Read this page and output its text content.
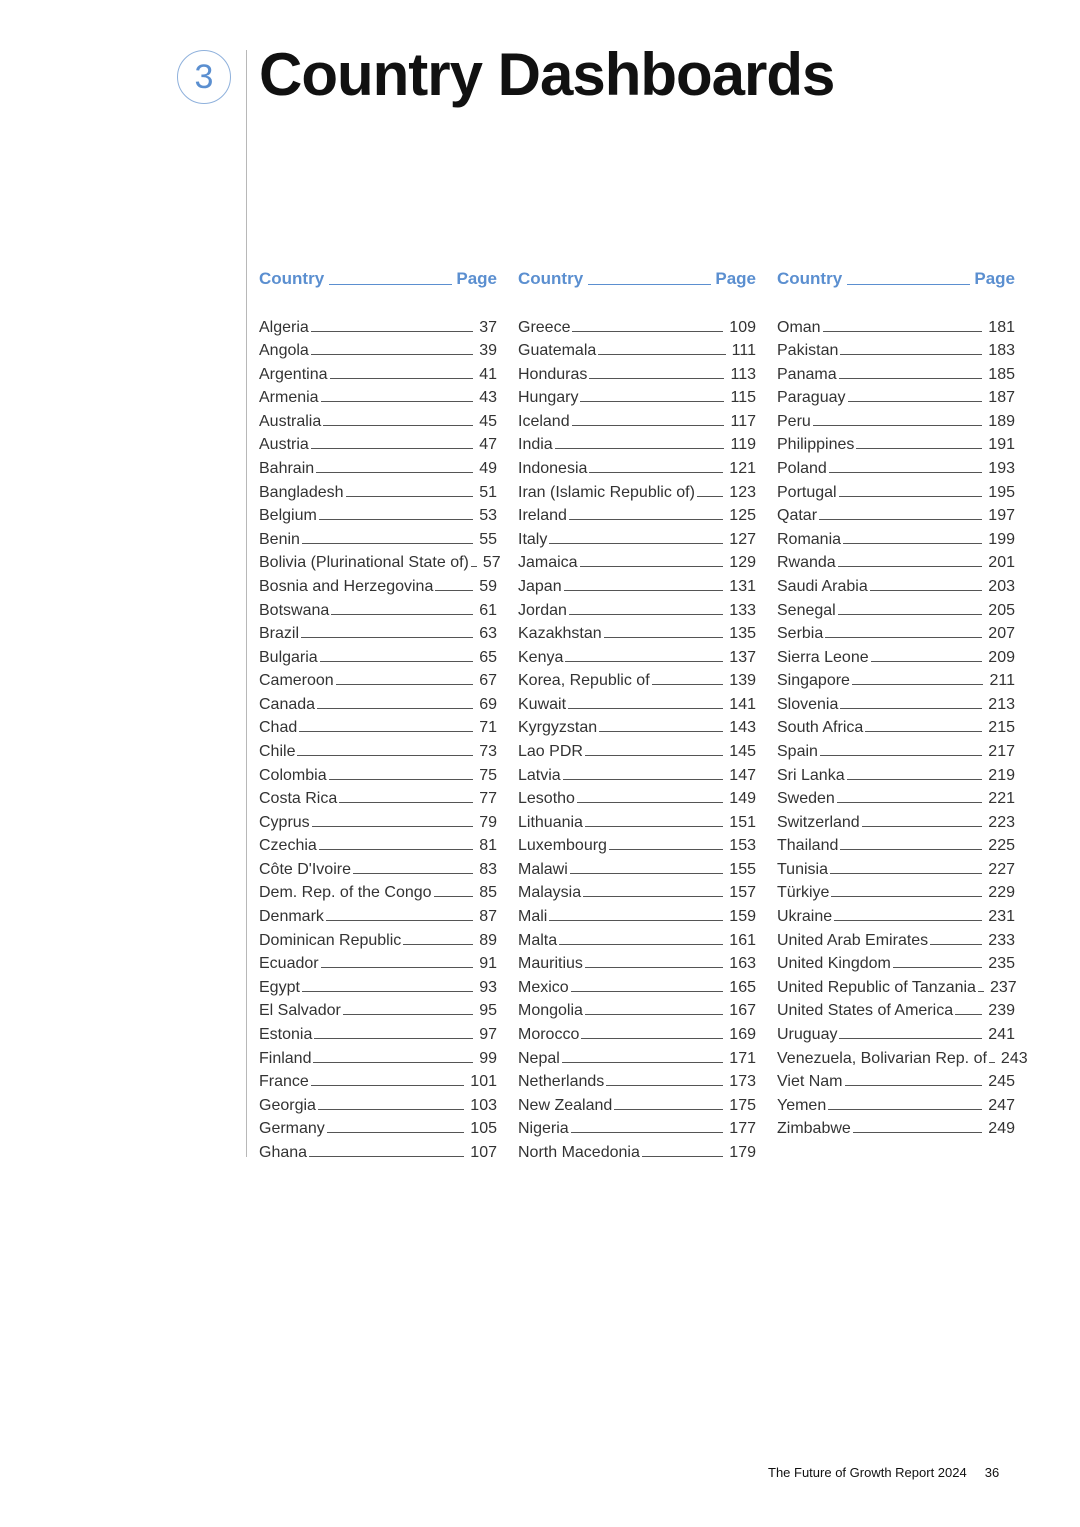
3 Country Dashboards
Country	Page
Algeria	37
Angola	39
Argentina	41
Armenia	43
Australia	45
Austria	47
Bahrain	49
Bangladesh	51
Belgium	53
Benin	55
Bolivia (Plurinational State of) 57
Bosnia and Herzegovina	59
Botswana	61
Brazil	63
Bulgaria	65
Cameroon	67
Canada	69
Chad	71
Chile	73
Colombia	75
Costa Rica	77
Cyprus	79
Czechia	81
Côte D'Ivoire	83
Dem. Rep. of the Congo	85
Denmark	87
Dominican Republic	89
Ecuador	91
Egypt	93
El Salvador	95
Estonia	97
Finland	99
France	101
Georgia	103
Germany	105
Ghana	107
Country	Page
Greece	109
Guatemala	111
Honduras	113
Hungary	115
Iceland	117
India	119
Indonesia	121
Iran (Islamic Republic of) 123
Ireland	125
Italy	127
Jamaica	129
Japan	131
Jordan	133
Kazakhstan	135
Kenya	137
Korea, Republic of	139
Kuwait	141
Kyrgyzstan	143
Lao PDR	145
Latvia	147
Lesotho	149
Lithuania	151
Luxembourg	153
Malawi	155
Malaysia	157
Mali	159
Malta	161
Mauritius	163
Mexico	165
Mongolia	167
Morocco	169
Nepal	171
Netherlands	173
New Zealand	175
Nigeria	177
North Macedonia	179
Country	Page
Oman	181
Pakistan	183
Panama	185
Paraguay	187
Peru	189
Philippines	191
Poland	193
Portugal	195
Qatar	197
Romania	199
Rwanda	201
Saudi Arabia	203
Senegal	205
Serbia	207
Sierra Leone	209
Singapore	211
Slovenia	213
South Africa	215
Spain	217
Sri Lanka	219
Sweden	221
Switzerland	223
Thailand	225
Tunisia	227
Türkiye	229
Ukraine	231
United Arab Emirates	233
United Kingdom	235
United Republic of Tanzania 237
United States of America 239
Uruguay	241
Venezuela, Bolivarian Rep. of 243
Viet Nam	245
Yemen	247
Zimbabwe	249
The Future of Growth Report 2024 36
